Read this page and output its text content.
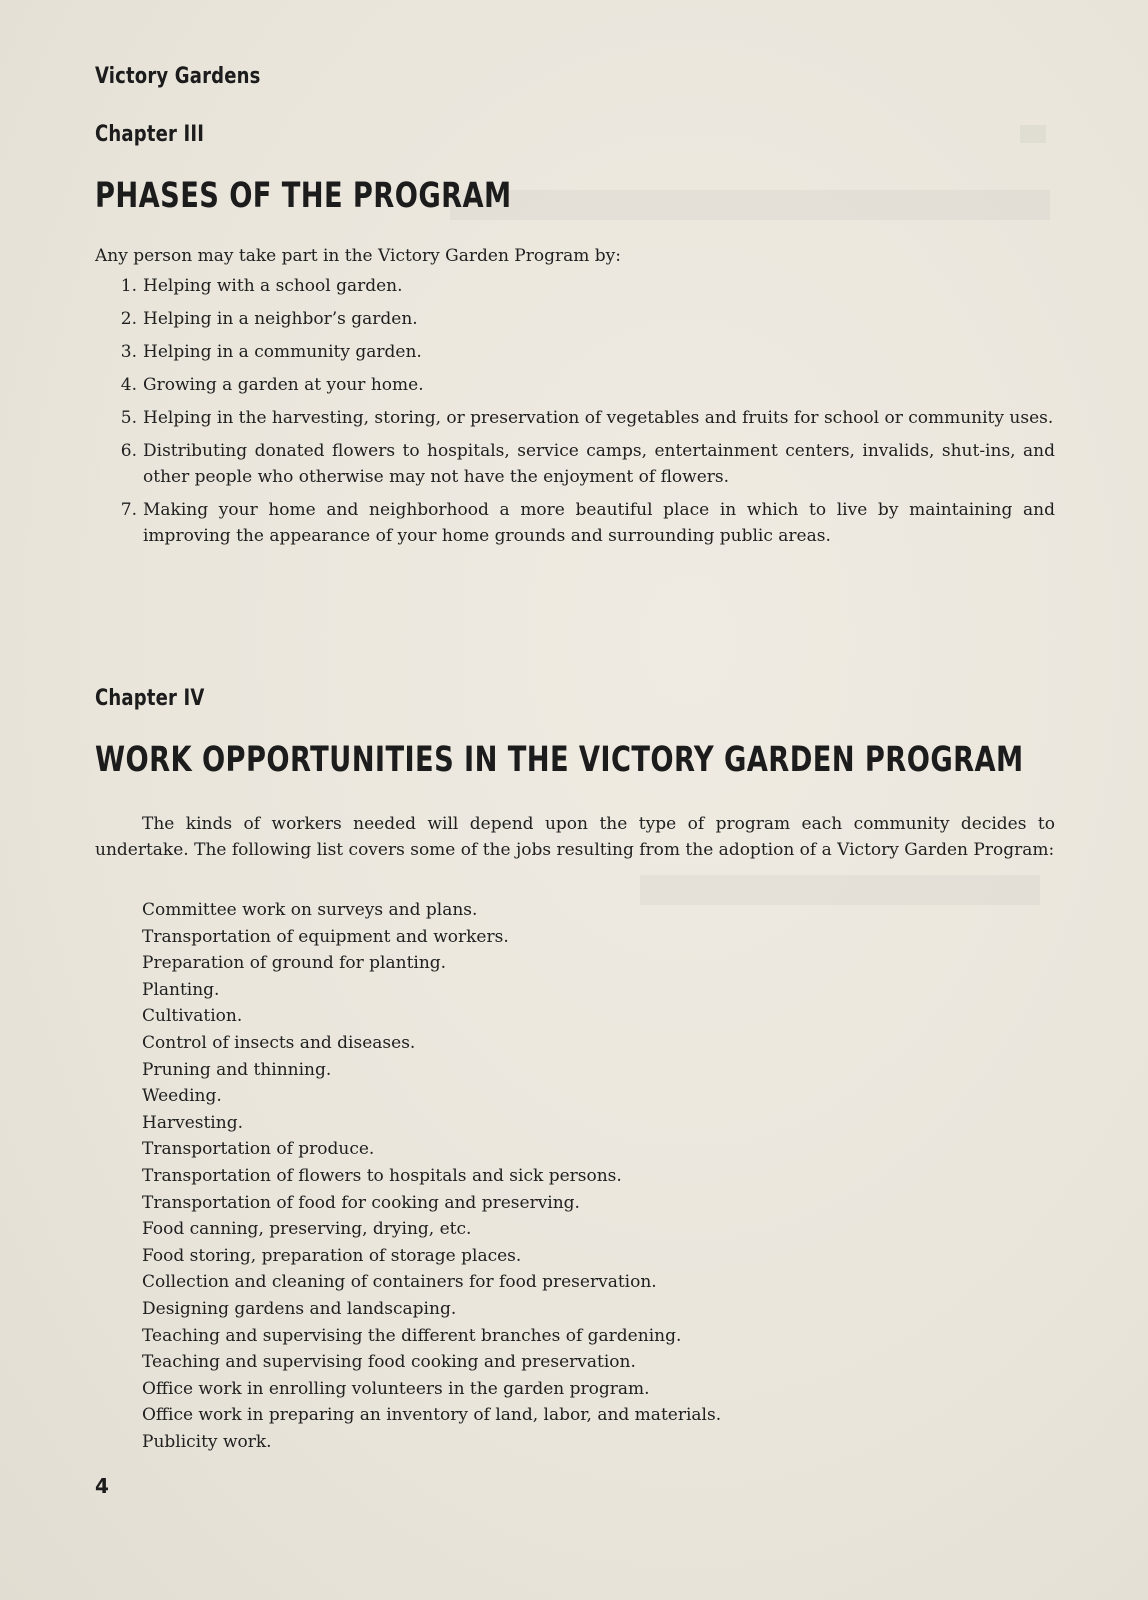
Victory Gardens
Chapter III
PHASES OF THE PROGRAM
Any person may take part in the Victory Garden Program by:
1. Helping with a school garden.
2. Helping in a neighbor’s garden.
3. Helping in a community garden.
4. Growing a garden at your home.
5. Helping in the harvesting, storing, or preservation of vegetables and fruits for school or community uses.
6. Distributing donated flowers to hospitals, service camps, entertainment centers, invalids, shut-ins, and other people who otherwise may not have the enjoyment of flowers.
7. Making your home and neighborhood a more beautiful place in which to live by maintaining and improving the appearance of your home grounds and surrounding public areas.
Chapter IV
WORK OPPORTUNITIES IN THE VICTORY GARDEN PROGRAM
The kinds of workers needed will depend upon the type of program each community decides to undertake. The following list covers some of the jobs resulting from the adoption of a Victory Garden Program:
Committee work on surveys and plans.
Transportation of equipment and workers.
Preparation of ground for planting.
Planting.
Cultivation.
Control of insects and diseases.
Pruning and thinning.
Weeding.
Harvesting.
Transportation of produce.
Transportation of flowers to hospitals and sick persons.
Transportation of food for cooking and preserving.
Food canning, preserving, drying, etc.
Food storing, preparation of storage places.
Collection and cleaning of containers for food preservation.
Designing gardens and landscaping.
Teaching and supervising the different branches of gardening.
Teaching and supervising food cooking and preservation.
Office work in enrolling volunteers in the garden program.
Office work in preparing an inventory of land, labor, and materials.
Publicity work.
4
